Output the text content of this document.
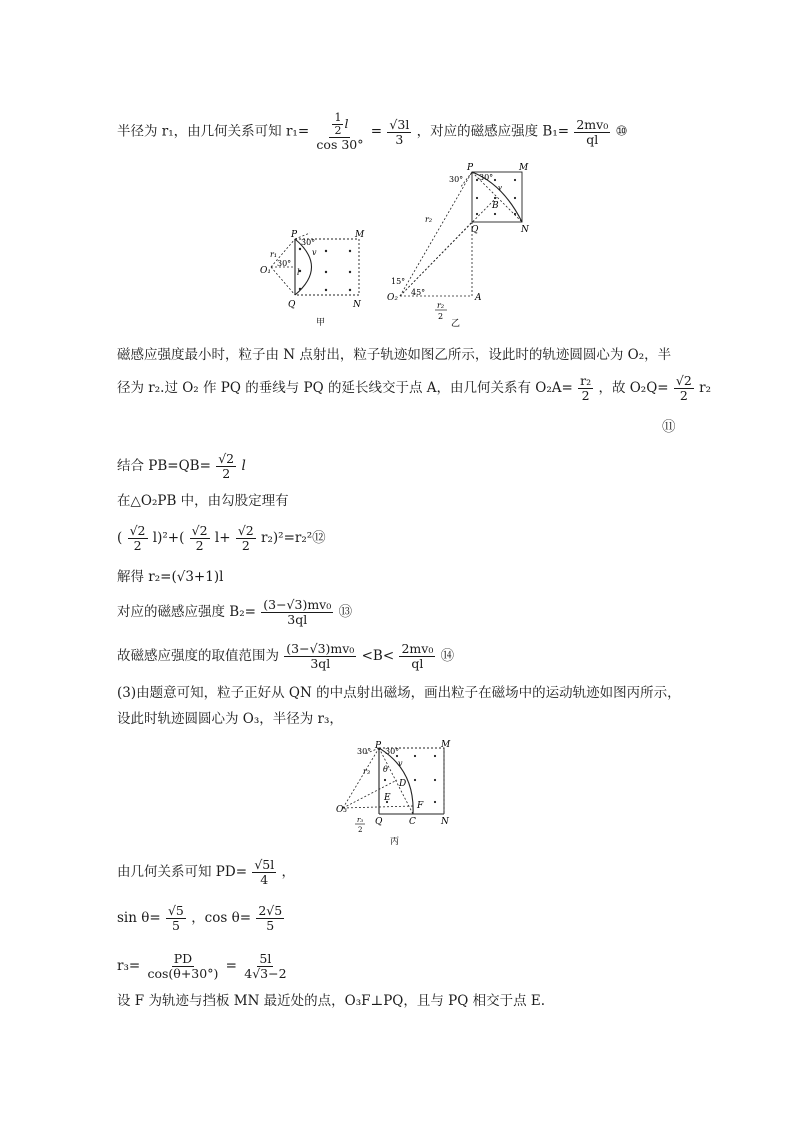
半径为 r₁，由几何关系可知 $r_1= \frac{\frac{1}{2} l}{\cos 30^\circ} = \frac{√3l}{3}$ ，对应的磁感应强度 $B_1= \frac{\text{2mv₀}}{ql}$ ⑩
P
30°
M
v
r₁
30°
O₁	l
Q	N
甲
P
30° 30°
M
v
B
Q	N
r₂
15°
45°
O₂	A
r₂
2
乙
磁感应强度最小时，粒子由 N 点射出，粒子轨迹如图乙所示，设此时的轨迹圆圆心为 O₂，半
径为 r₂.过 O₂ 作 PQ 的垂线与 PQ 的延长线交于点 A，由几何关系有 $O_2A= \frac{\text{r₂}}{2}$ ，故 $O_2Q= \frac{√2}{2} r_2$
⑪
结合 $PB=QB= \frac{√2}{2}$ l
在△O₂PB 中，由勾股定理有
( $\frac{√2}{2} l)^2+( \frac{√2}{2} l+ \frac{√2}{2}$ r₂)²=r₂²⑫
解得 r₂=(√3+1)l
对应的磁感应强度 $B_2= \frac{\text{(3−√3)mv₀}}{3ql}$ ⑬
故磁感应强度的取值范围为 $\frac{\text{(3−√3)mv₀}}{3ql} <B< \frac{\text{2mv₀}}{ql}$ ⑭
(3)由题意可知，粒子正好从 QN 的中点射出磁场，画出粒子在磁场中的运动轨迹如图丙所示，
设此时轨迹圆圆心为 O₃，半径为 r₃，
P
30° 30°
M
v
r₃ θ
D
E
F
O₃
Q	C	N
r₃
2
丙
由几何关系可知 $PD= \frac{√5l}{4}$ ，
$\sin \theta= \frac{√5}{5}$ ，$\cos \theta= \frac{2√5}{5}$
$r_3= \frac{PD}{\cos(\theta+30^\circ)} = \frac{5l}{4√3-2}$
设 F 为轨迹与挡板 MN 最近处的点，O₃F⊥PQ，且与 PQ 相交于点 E.
